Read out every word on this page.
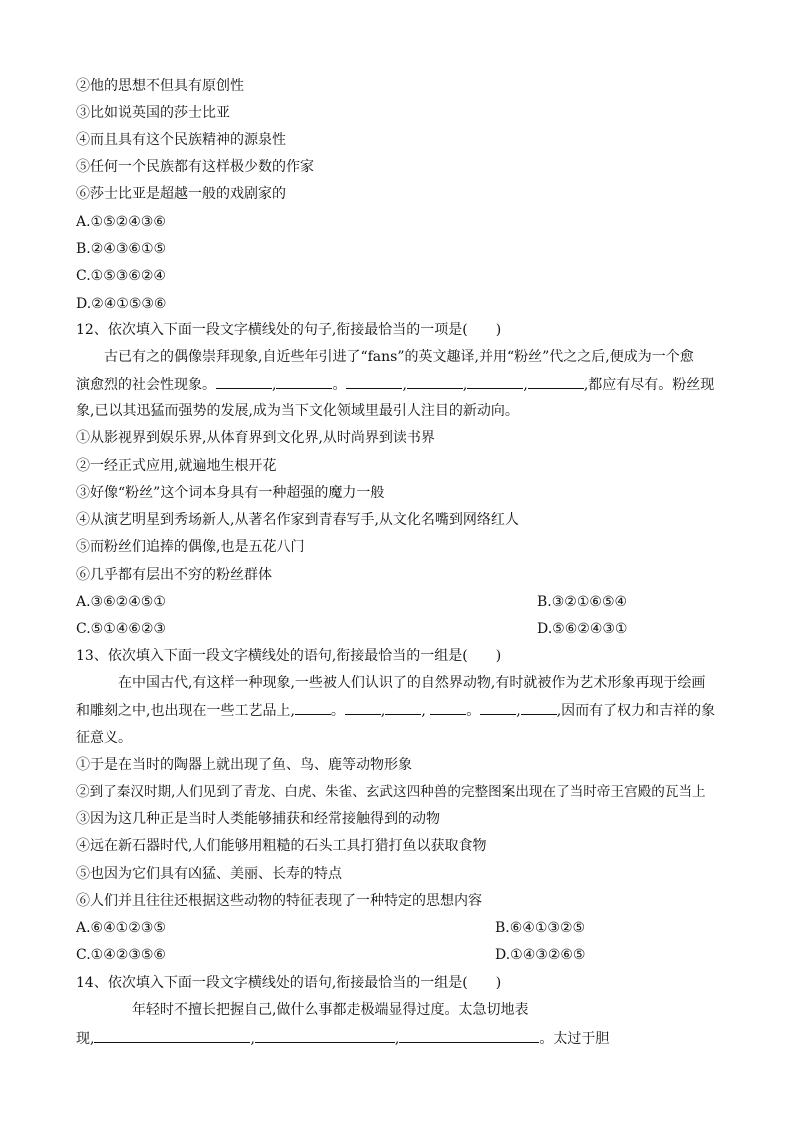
②他的思想不但具有原创性
③比如说英国的莎士比亚
④而且具有这个民族精神的源泉性
⑤任何一个民族都有这样极少数的作家
⑥莎士比亚是超越一般的戏剧家的
A.①⑤②④③⑥
B.②④③⑥①⑤
C.①⑤③⑥②④
D.②④①⑤③⑥
12、依次填入下面一段文字横线处的句子,衔接最恰当的一项是(　　)
古已有之的偶像崇拜现象,自近些年引进了“fans”的英文趣译,并用“粉丝”代之之后,便成为一个愈
演愈烈的社会性现象。	,	。	,	,	,	,都应有尽有。粉丝现
象,已以其迅猛而强势的发展,成为当下文化领域里最引人注目的新动向。
①从影视界到娱乐界,从体育界到文化界,从时尚界到读书界
②一经正式应用,就遍地生根开花
③好像“粉丝”这个词本身具有一种超强的魔力一般
④从演艺明星到秀场新人,从著名作家到青春写手,从文化名嘴到网络红人
⑤而粉丝们追捧的偶像,也是五花八门
⑥几乎都有层出不穷的粉丝群体
A.③⑥②④⑤①	B.③②①⑥⑤④
C.⑤①④⑥②③	D.⑤⑥②④③①
13、依次填入下面一段文字横线处的语句,衔接最恰当的一组是(　　)
在中国古代,有这样一种现象,一些被人们认识了的自然界动物,有时就被作为艺术形象再现于绘画
和雕刻之中,也出现在一些工艺品上,	。	,	,	。	,	,因而有了权力和吉祥的象
征意义。
①于是在当时的陶器上就出现了鱼、鸟、鹿等动物形象
②到了秦汉时期,人们见到了青龙、白虎、朱雀、玄武这四种兽的完整图案出现在了当时帝王宫殿的瓦当上
③因为这几种正是当时人类能够捕获和经常接触得到的动物
④远在新石器时代,人们能够用粗糙的石头工具打猎打鱼以获取食物
⑤也因为它们具有凶猛、美丽、长寿的特点
⑥人们并且往往还根据这些动物的特征表现了一种特定的思想内容
A.⑥④①②③⑤	B.⑥④①③②⑤
C.①④②③⑤⑥	D.①④③②⑥⑤
14、依次填入下面一段文字横线处的语句,衔接最恰当的一组是(　　)
年轻时不擅长把握自己,做什么事都走极端显得过度。太急切地表
现,	,	,	。太过于胆
